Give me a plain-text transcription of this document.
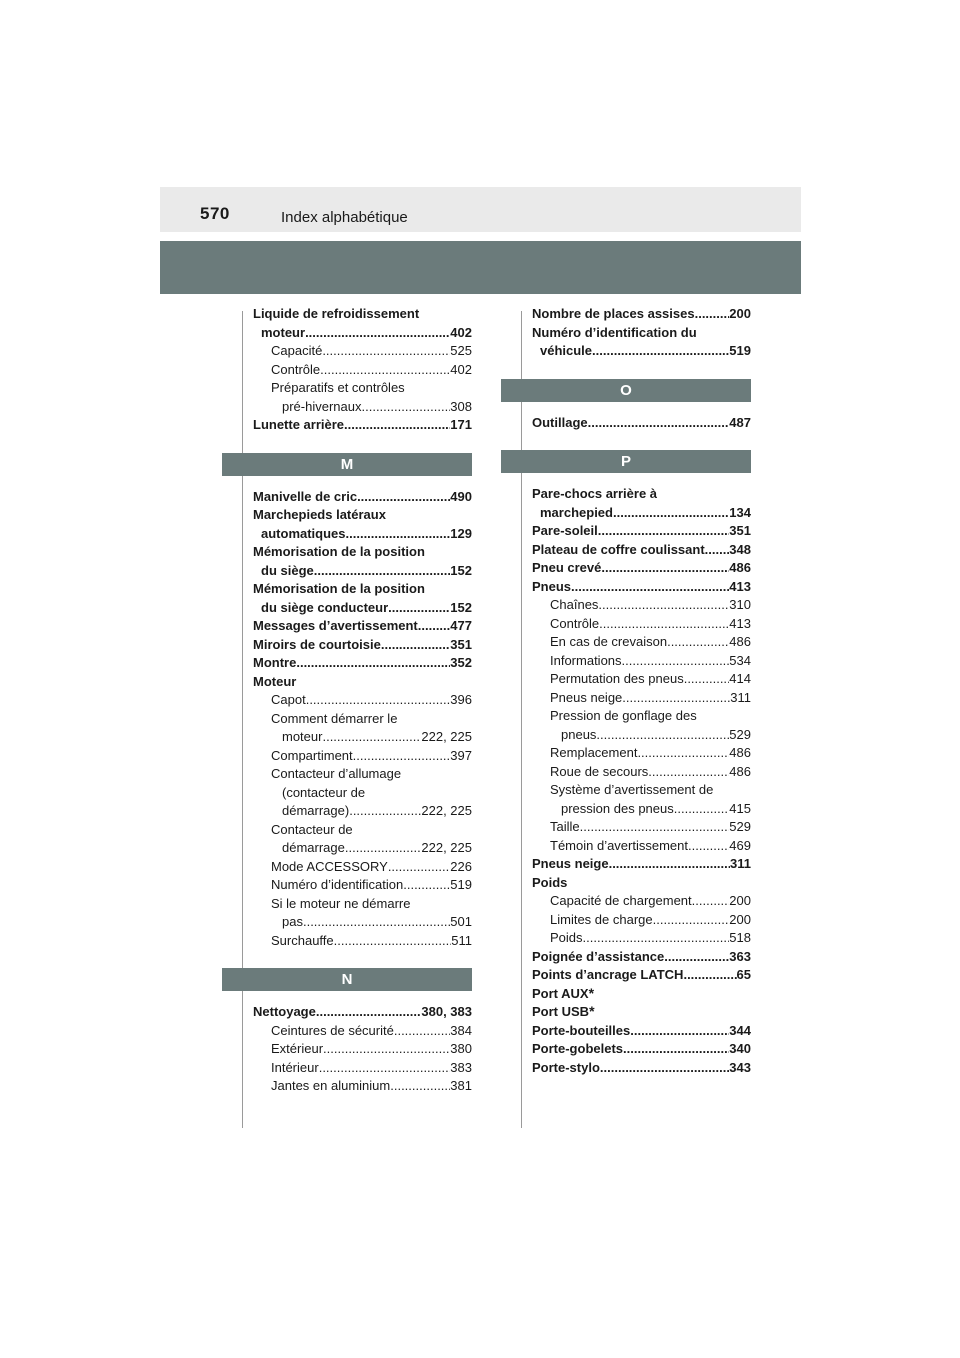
570	Index alphabétique
Liquide de refroidissement
moteur .....	402
Capacité .....	525
Contrôle .....	402
Préparatifs et contrôles
pré-hivernaux .....	308
Lunette arrière .....	171
M
Manivelle de cric .....	490
Marchepieds latéraux
automatiques .....	129
Mémorisation de la position
du siège .....	152
Mémorisation de la position
du siège conducteur .....	152
Messages d’avertissement .....	477
Miroirs de courtoisie .....	351
Montre .....	352
Moteur
Capot .....	396
Comment démarrer le
moteur .....	222, 225
Compartiment .....	397
Contacteur d’allumage
(contacteur de
démarrage) .....	222, 225
Contacteur de
démarrage .....	222, 225
Mode ACCESSORY .....	226
Numéro d’identification .....	519
Si le moteur ne démarre
pas .....	501
Surchauffe .....	511
N
Nettoyage .....	380, 383
Ceintures de sécurité .....	384
Extérieur .....	380
Intérieur .....	383
Jantes en aluminium .....	381
Nombre de places assises .....	200
Numéro d’identification du
véhicule .....	519
O
Outillage .....	487
P
Pare-chocs arrière à
marchepied .....	134
Pare-soleil .....	351
Plateau de coffre coulissant ..... 348
Pneu crevé .....	486
Pneus .....	413
Chaînes .....	310
Contrôle .....	413
En cas de crevaison .....	486
Informations .....	534
Permutation des pneus .....	414
Pneus neige .....	311
Pression de gonflage des
pneus .....	529
Remplacement .....	486
Roue de secours .....	486
Système d’avertissement de
pression des pneus .....	415
Taille .....	529
Témoin d’avertissement .....	469
Pneus neige .....	311
Poids
Capacité de chargement .....	200
Limites de charge .....	200
Poids .....	518
Poignée d’assistance .....	363
Points d’ancrage LATCH .....	65
Port AUX *
Port USB *
Porte-bouteilles .....	344
Porte-gobelets .....	340
Porte-stylo .....	343
